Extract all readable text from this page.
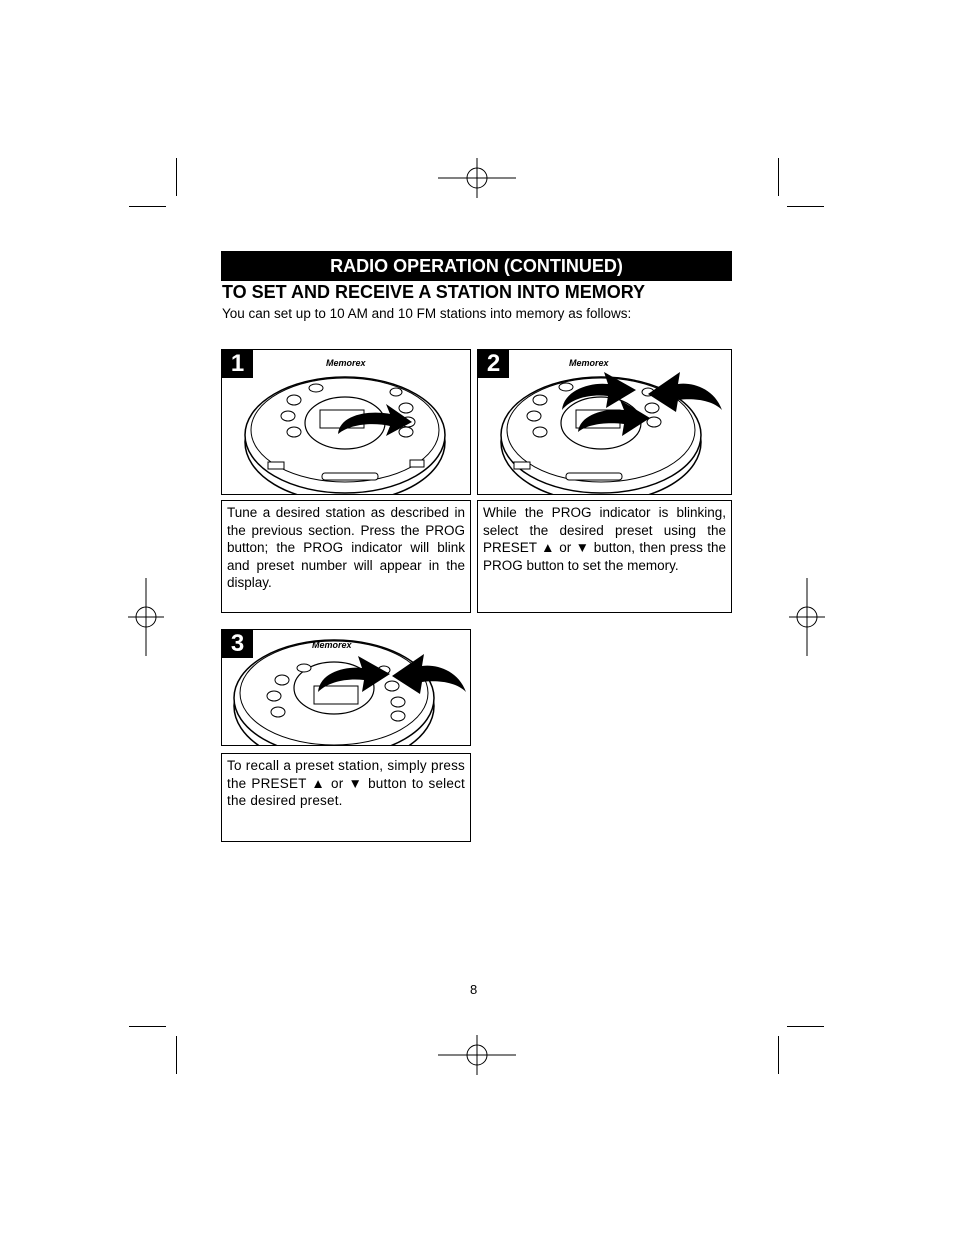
RADIO OPERATION (CONTINUED)
TO SET AND RECEIVE A STATION INTO MEMORY
You can set up to 10 AM and 10 FM stations into memory as follows:
1	Memorex
Tune a desired station as described in the previous section. Press the PROG button; the PROG indicator will blink and preset number will appear in the display.
2	Memorex
While the PROG indicator is blinking, select the desired preset using the PRESET ▲ or ▼ button, then press the PROG button to set the memory.
3	Memorex
To recall a preset station, simply press the PRESET ▲ or ▼ button to select the desired preset.
8
